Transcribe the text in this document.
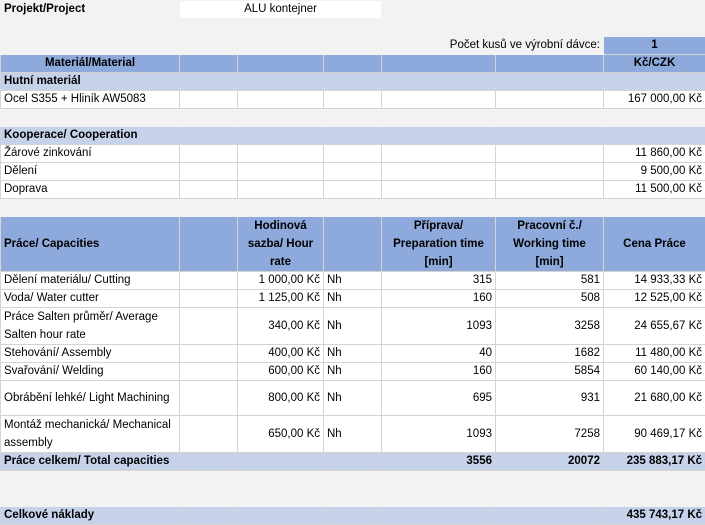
Projekt/Project	ALU kontejner					

				Počet kusů ve výrobní dávce:		1
Materiál/Material						Kč/CZK
Hutní materiál						
Ocel S355 + Hliník AW5083						167 000,00 Kč

Kooperace/ Cooperation						
Žárové zinkování						11 860,00 Kč
Dělení						9 500,00 Kč
Doprava						11 500,00 Kč

Práce/ Capacities		Hodinová sazba/ Hour rate		Příprava/ Preparation time [min]	Pracovní č./ Working time [min]	Cena Práce
Dělení materiálu/ Cutting		1 000,00 Kč	Nh	315	581	14 933,33 Kč
Voda/ Water cutter		1 125,00 Kč	Nh	160	508	12 525,00 Kč
Práce Salten průměr/ Average Salten hour rate		340,00 Kč	Nh	1093	3258	24 655,67 Kč
Stehování/ Assembly		400,00 Kč	Nh	40	1682	11 480,00 Kč
Svařování/ Welding		600,00 Kč	Nh	160	5854	60 140,00 Kč
Obrábění lehké/ Light Machining		800,00 Kč	Nh	695	931	21 680,00 Kč
Montáž mechanická/ Mechanical assembly		650,00 Kč	Nh	1093	7258	90 469,17 Kč
Práce celkem/ Total capacities				3556	20072	235 883,17 Kč

Celkové náklady						435 743,17 Kč
